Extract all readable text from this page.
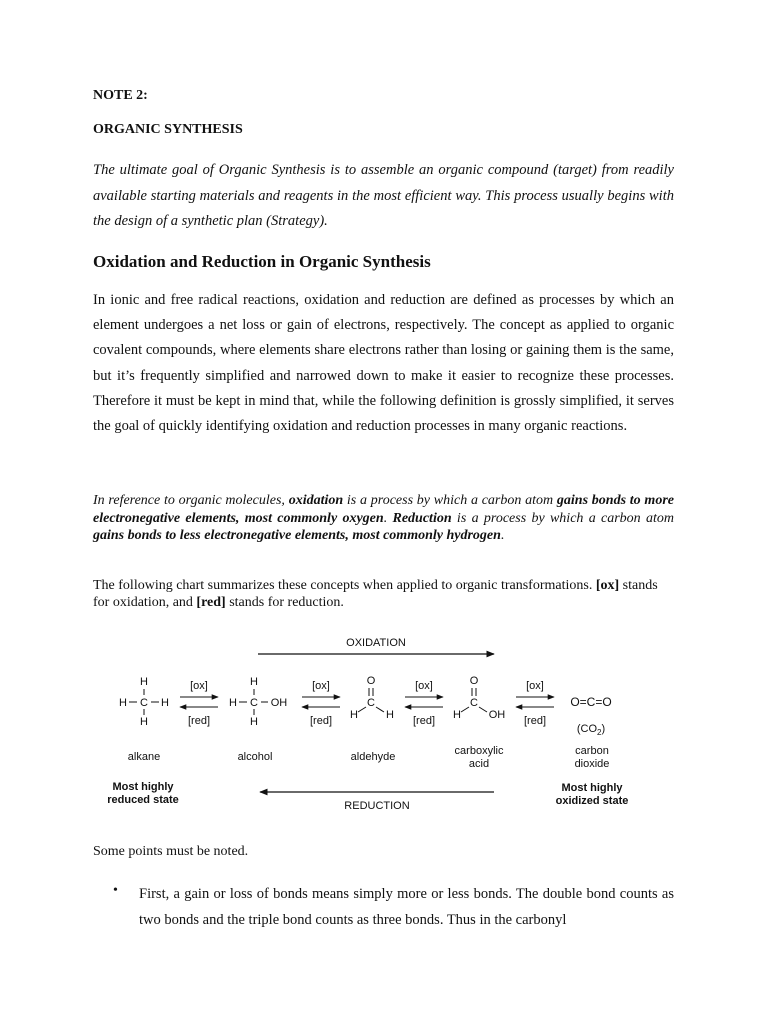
NOTE 2:

ORGANIC SYNTHESIS

The ultimate goal of Organic Synthesis is to assemble an organic compound (target) from readily available starting materials and reagents in the most efficient way. This process usually begins with the design of a synthetic plan (Strategy).

Oxidation and Reduction in Organic Synthesis

In ionic and free radical reactions, oxidation and reduction are defined as processes by which an element undergoes a net loss or gain of electrons, respectively. The concept as applied to organic covalent compounds, where elements share electrons rather than losing or gaining them is the same, but it’s frequently simplified and narrowed down to make it easier to recognize these processes. Therefore it must be kept in mind that, while the following definition is grossly simplified, it serves the goal of quickly identifying oxidation and reduction processes in many organic reactions.

In reference to organic molecules, oxidation is a process by which a carbon atom gains bonds to more electronegative elements, most commonly oxygen. Reduction is a process by which a carbon atom gains bonds to less electronegative elements, most commonly hydrogen.

The following chart summarizes these concepts when applied to organic transformations. [ox] stands for oxidation, and [red] stands for reduction.

OXIDATION
H
H C H
H
[ox]
[red]
H
H C OH
H
[ox]
[red]
O
C
H	H
[ox]
[red]
O
C
H	OH
[ox]
[red]
O=C=O
$(CO_2)$
alkane	alcohol	aldehyde	carboxylic
acid
carbon
dioxide
Most highly
reduced state
Most highly
oxidized state
REDUCTION

Some points must be noted.

• First, a gain or loss of bonds means simply more or less bonds. The double bond counts as two bonds and the triple bond counts as three bonds. Thus in the carbonyl
